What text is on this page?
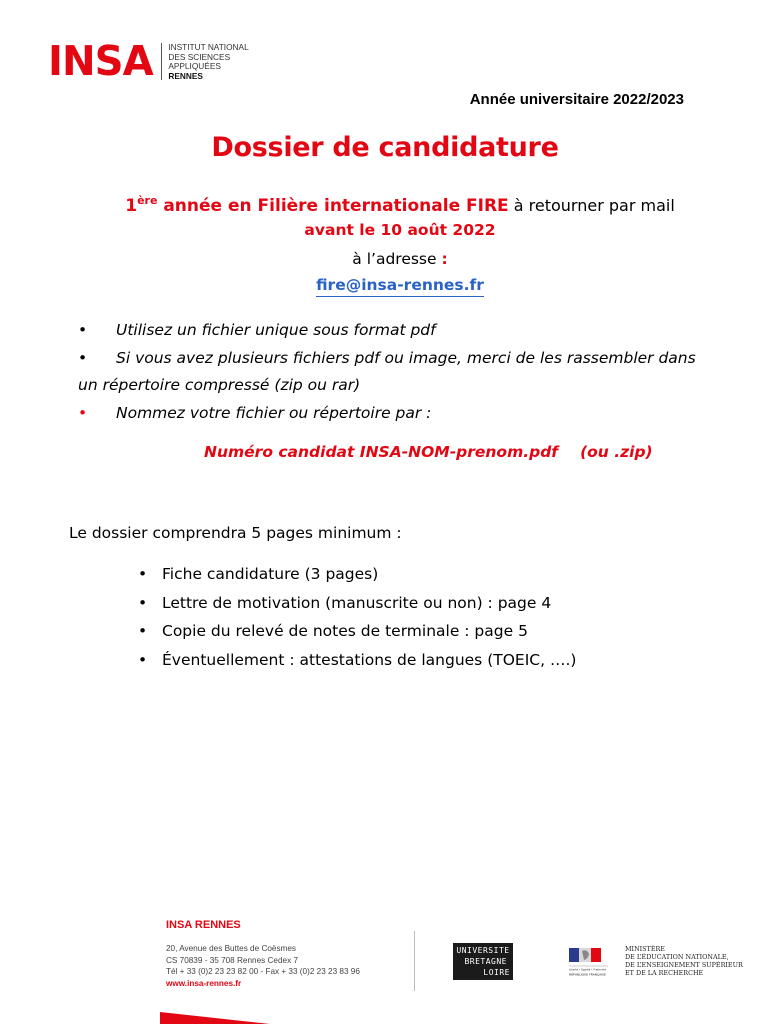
INSA INSTITUT NATIONAL
DES SCIENCES
APPLIQUÉES
RENNES
Année universitaire 2022/2023
Dossier de candidature
1ère année en Filière internationale FIRE à retourner par mail
avant le 10 août 2022
à l’adresse :
fire@insa-rennes.fr
• Utilisez un fichier unique sous format pdf
• Si vous avez plusieurs fichiers pdf ou image, merci de les rassembler dans
un répertoire compressé (zip ou rar)
• Nommez votre fichier ou répertoire par :
Numéro candidat INSA-NOM-prenom.pdf (ou .zip)
Le dossier comprendra 5 pages minimum :
• Fiche candidature (3 pages)
• Lettre de motivation (manuscrite ou non) : page 4
• Copie du relevé de notes de terminale : page 5
• Éventuellement : attestations de langues (TOEIC, ….)
INSA RENNES
20, Avenue des Buttes de Coësmes
CS 70839 - 35 708 Rennes Cedex 7
Tél + 33 (0)2 23 23 82 00 - Fax + 33 (0)2 23 23 83 96
www.insa-rennes.fr
UNIVERSITE
BRETAGNE
LOIRE	Liberté • Égalité • Fraternité
RÉPUBLIQUE FRANÇAISE
MINISTÈRE
DE L’ÉDUCATION NATIONALE,
DE L’ENSEIGNEMENT SUPÉRIEUR
ET DE LA RECHERCHE
